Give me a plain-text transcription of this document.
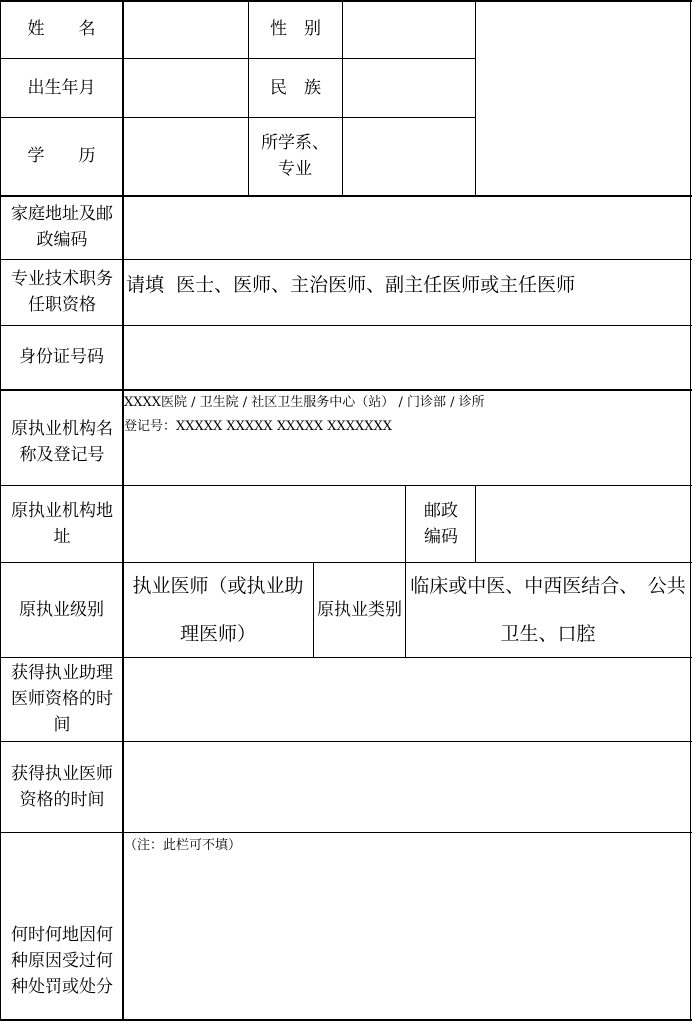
姓　　名	性　别
出生年月	民　族
学　　历
所学系、专业
家庭地址及邮政编码
专业技术职务任职资格
请填  医士、医师、主治医师、副主任医师或主任医师
身份证号码
原执业机构名称及登记号
XXXX医院 / 卫生院 / 社区卫生服务中心（站） / 门诊部 / 诊所
登记号：XXXXX XXXXX XXXXX XXXXXXX
原执业机构地址
邮政编码
原执业级别
执业医师（或执业助理医师）
原执业类别
临床或中医、中西医结合、　公共卫生、口腔
获得执业助理医师资格的时间
获得执业医师资格的时间
何时何地因何种原因受过何种处罚或处分
（注：此栏可不填）
